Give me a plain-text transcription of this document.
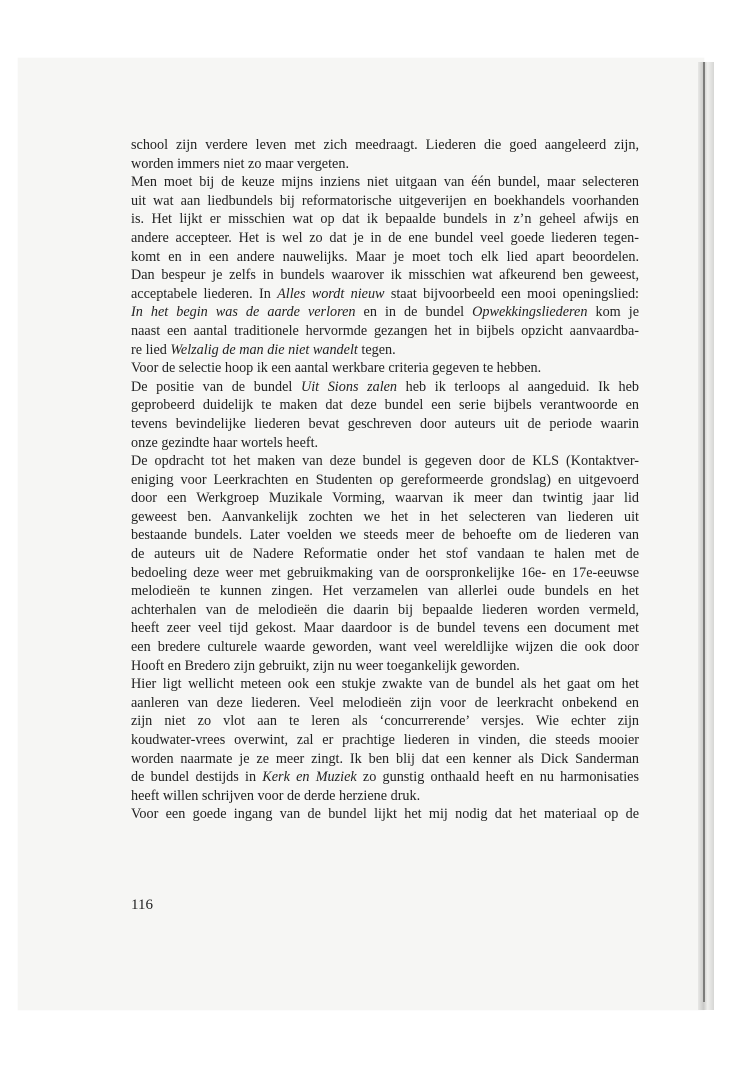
school zijn verdere leven met zich meedraagt. Liederen die goed aangeleerd zijn,
worden immers niet zo maar vergeten.
Men moet bij de keuze mijns inziens niet uitgaan van één bundel, maar selecteren
uit wat aan liedbundels bij reformatorische uitgeverijen en boekhandels voorhanden
is. Het lijkt er misschien wat op dat ik bepaalde bundels in z’n geheel afwijs en
andere accepteer. Het is wel zo dat je in de ene bundel veel goede liederen tegen-
komt en in een andere nauwelijks. Maar je moet toch elk lied apart beoordelen.
Dan bespeur je zelfs in bundels waarover ik misschien wat afkeurend ben geweest,
acceptabele liederen. In Alles wordt nieuw staat bijvoorbeeld een mooi openingslied:
In het begin was de aarde verloren en in de bundel Opwekkingsliederen kom je
naast een aantal traditionele hervormde gezangen het in bijbels opzicht aanvaardba-
re lied Welzalig de man die niet wandelt tegen.
Voor de selectie hoop ik een aantal werkbare criteria gegeven te hebben.
De positie van de bundel Uit Sions zalen heb ik terloops al aangeduid. Ik heb
geprobeerd duidelijk te maken dat deze bundel een serie bijbels verantwoorde en
tevens bevindelijke liederen bevat geschreven door auteurs uit de periode waarin
onze gezindte haar wortels heeft.
De opdracht tot het maken van deze bundel is gegeven door de KLS (Kontaktver-
eniging voor Leerkrachten en Studenten op gereformeerde grondslag) en uitgevoerd
door een Werkgroep Muzikale Vorming, waarvan ik meer dan twintig jaar lid
geweest ben. Aanvankelijk zochten we het in het selecteren van liederen uit
bestaande bundels. Later voelden we steeds meer de behoefte om de liederen van
de auteurs uit de Nadere Reformatie onder het stof vandaan te halen met de
bedoeling deze weer met gebruikmaking van de oorspronkelijke 16e- en 17e-eeuwse
melodieën te kunnen zingen. Het verzamelen van allerlei oude bundels en het
achterhalen van de melodieën die daarin bij bepaalde liederen worden vermeld,
heeft zeer veel tijd gekost. Maar daardoor is de bundel tevens een document met
een bredere culturele waarde geworden, want veel wereldlijke wijzen die ook door
Hooft en Bredero zijn gebruikt, zijn nu weer toegankelijk geworden.
Hier ligt wellicht meteen ook een stukje zwakte van de bundel als het gaat om het
aanleren van deze liederen. Veel melodieën zijn voor de leerkracht onbekend en
zijn niet zo vlot aan te leren als ‘concurrerende’ versjes. Wie echter zijn
koudwater-vrees overwint, zal er prachtige liederen in vinden, die steeds mooier
worden naarmate je ze meer zingt. Ik ben blij dat een kenner als Dick Sanderman
de bundel destijds in Kerk en Muziek zo gunstig onthaald heeft en nu harmonisaties
heeft willen schrijven voor de derde herziene druk.
Voor een goede ingang van de bundel lijkt het mij nodig dat het materiaal op de
116
